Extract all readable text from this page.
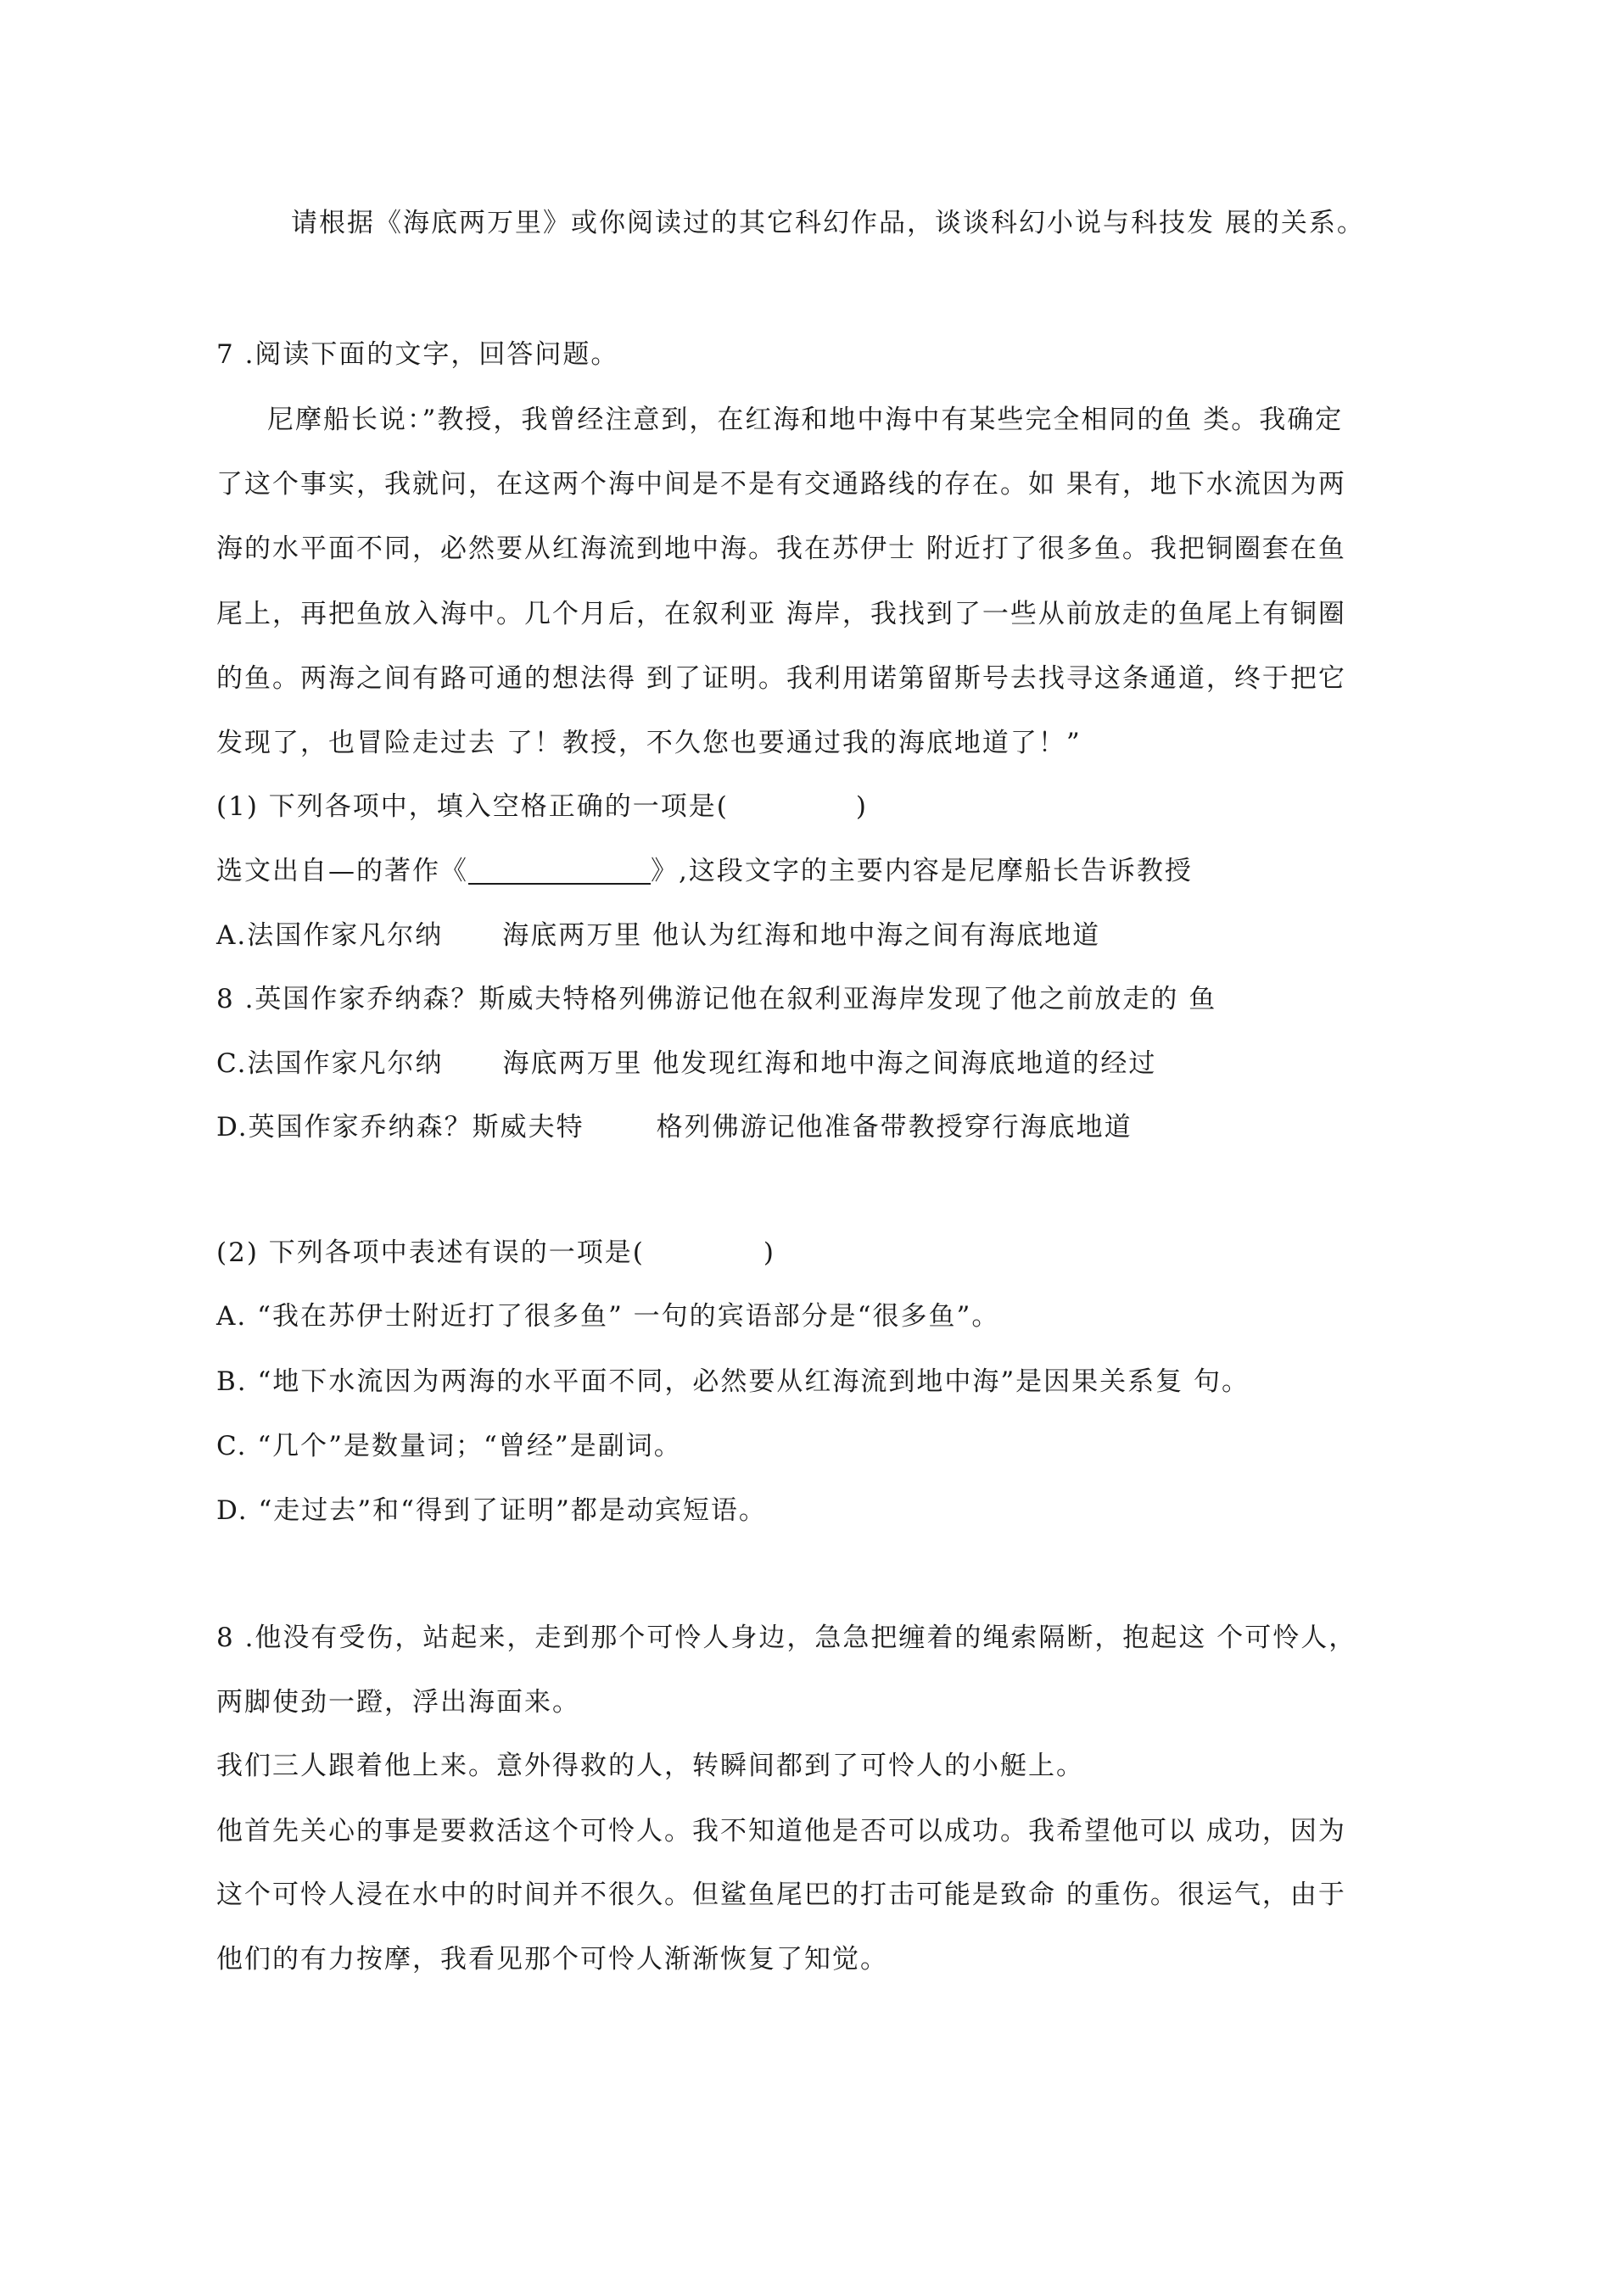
请根据《海底两万里》或你阅读过的其它科幻作品，谈谈科幻小说与科技发 展的关系。
7 .阅读下面的文字，回答问题。
尼摩船长说：”教授，我曾经注意到，在红海和地中海中有某些完全相同的鱼 类。我确定
了这个事实，我就问，在这两个海中间是不是有交通路线的存在。如 果有，地下水流因为两
海的水平面不同，必然要从红海流到地中海。我在苏伊士 附近打了很多鱼。我把铜圈套在鱼
尾上，再把鱼放入海中。几个月后，在叙利亚 海岸，我找到了一些从前放走的鱼尾上有铜圈
的鱼。两海之间有路可通的想法得 到了证明。我利用诺第留斯号去找寻这条通道，终于把它
发现了，也冒险走过去 了！教授，不久您也要通过我的海底地道了！”
(1) 下列各项中，填入空格正确的一项是(	)
选文出自—的著作《	》,这段文字的主要内容是尼摩船长告诉教授
A.法国作家凡尔纳 海底两万里 他认为红海和地中海之间有海底地道
8 .英国作家乔纳森？斯威夫特格列佛游记他在叙利亚海岸发现了他之前放走的 鱼
C.法国作家凡尔纳 海底两万里 他发现红海和地中海之间海底地道的经过
D.英国作家乔纳森？斯威夫特	格列佛游记他准备带教授穿行海底地道
(2) 下列各项中表述有误的一项是(	)
A. “我在苏伊士附近打了很多鱼” 一句的宾语部分是“很多鱼”。
B. “地下水流因为两海的水平面不同，必然要从红海流到地中海”是因果关系复 句。
C. “几个”是数量词；“曾经”是副词。
D. “走过去”和“得到了证明”都是动宾短语。
8 .他没有受伤，站起来，走到那个可怜人身边，急急把缠着的绳索隔断，抱起这 个可怜人，
两脚使劲一蹬，浮出海面来。
我们三人跟着他上来。意外得救的人，转瞬间都到了可怜人的小艇上。
他首先关心的事是要救活这个可怜人。我不知道他是否可以成功。我希望他可以 成功，因为
这个可怜人浸在水中的时间并不很久。但鲨鱼尾巴的打击可能是致命 的重伤。很运气，由于
他们的有力按摩，我看见那个可怜人渐渐恢复了知觉。
